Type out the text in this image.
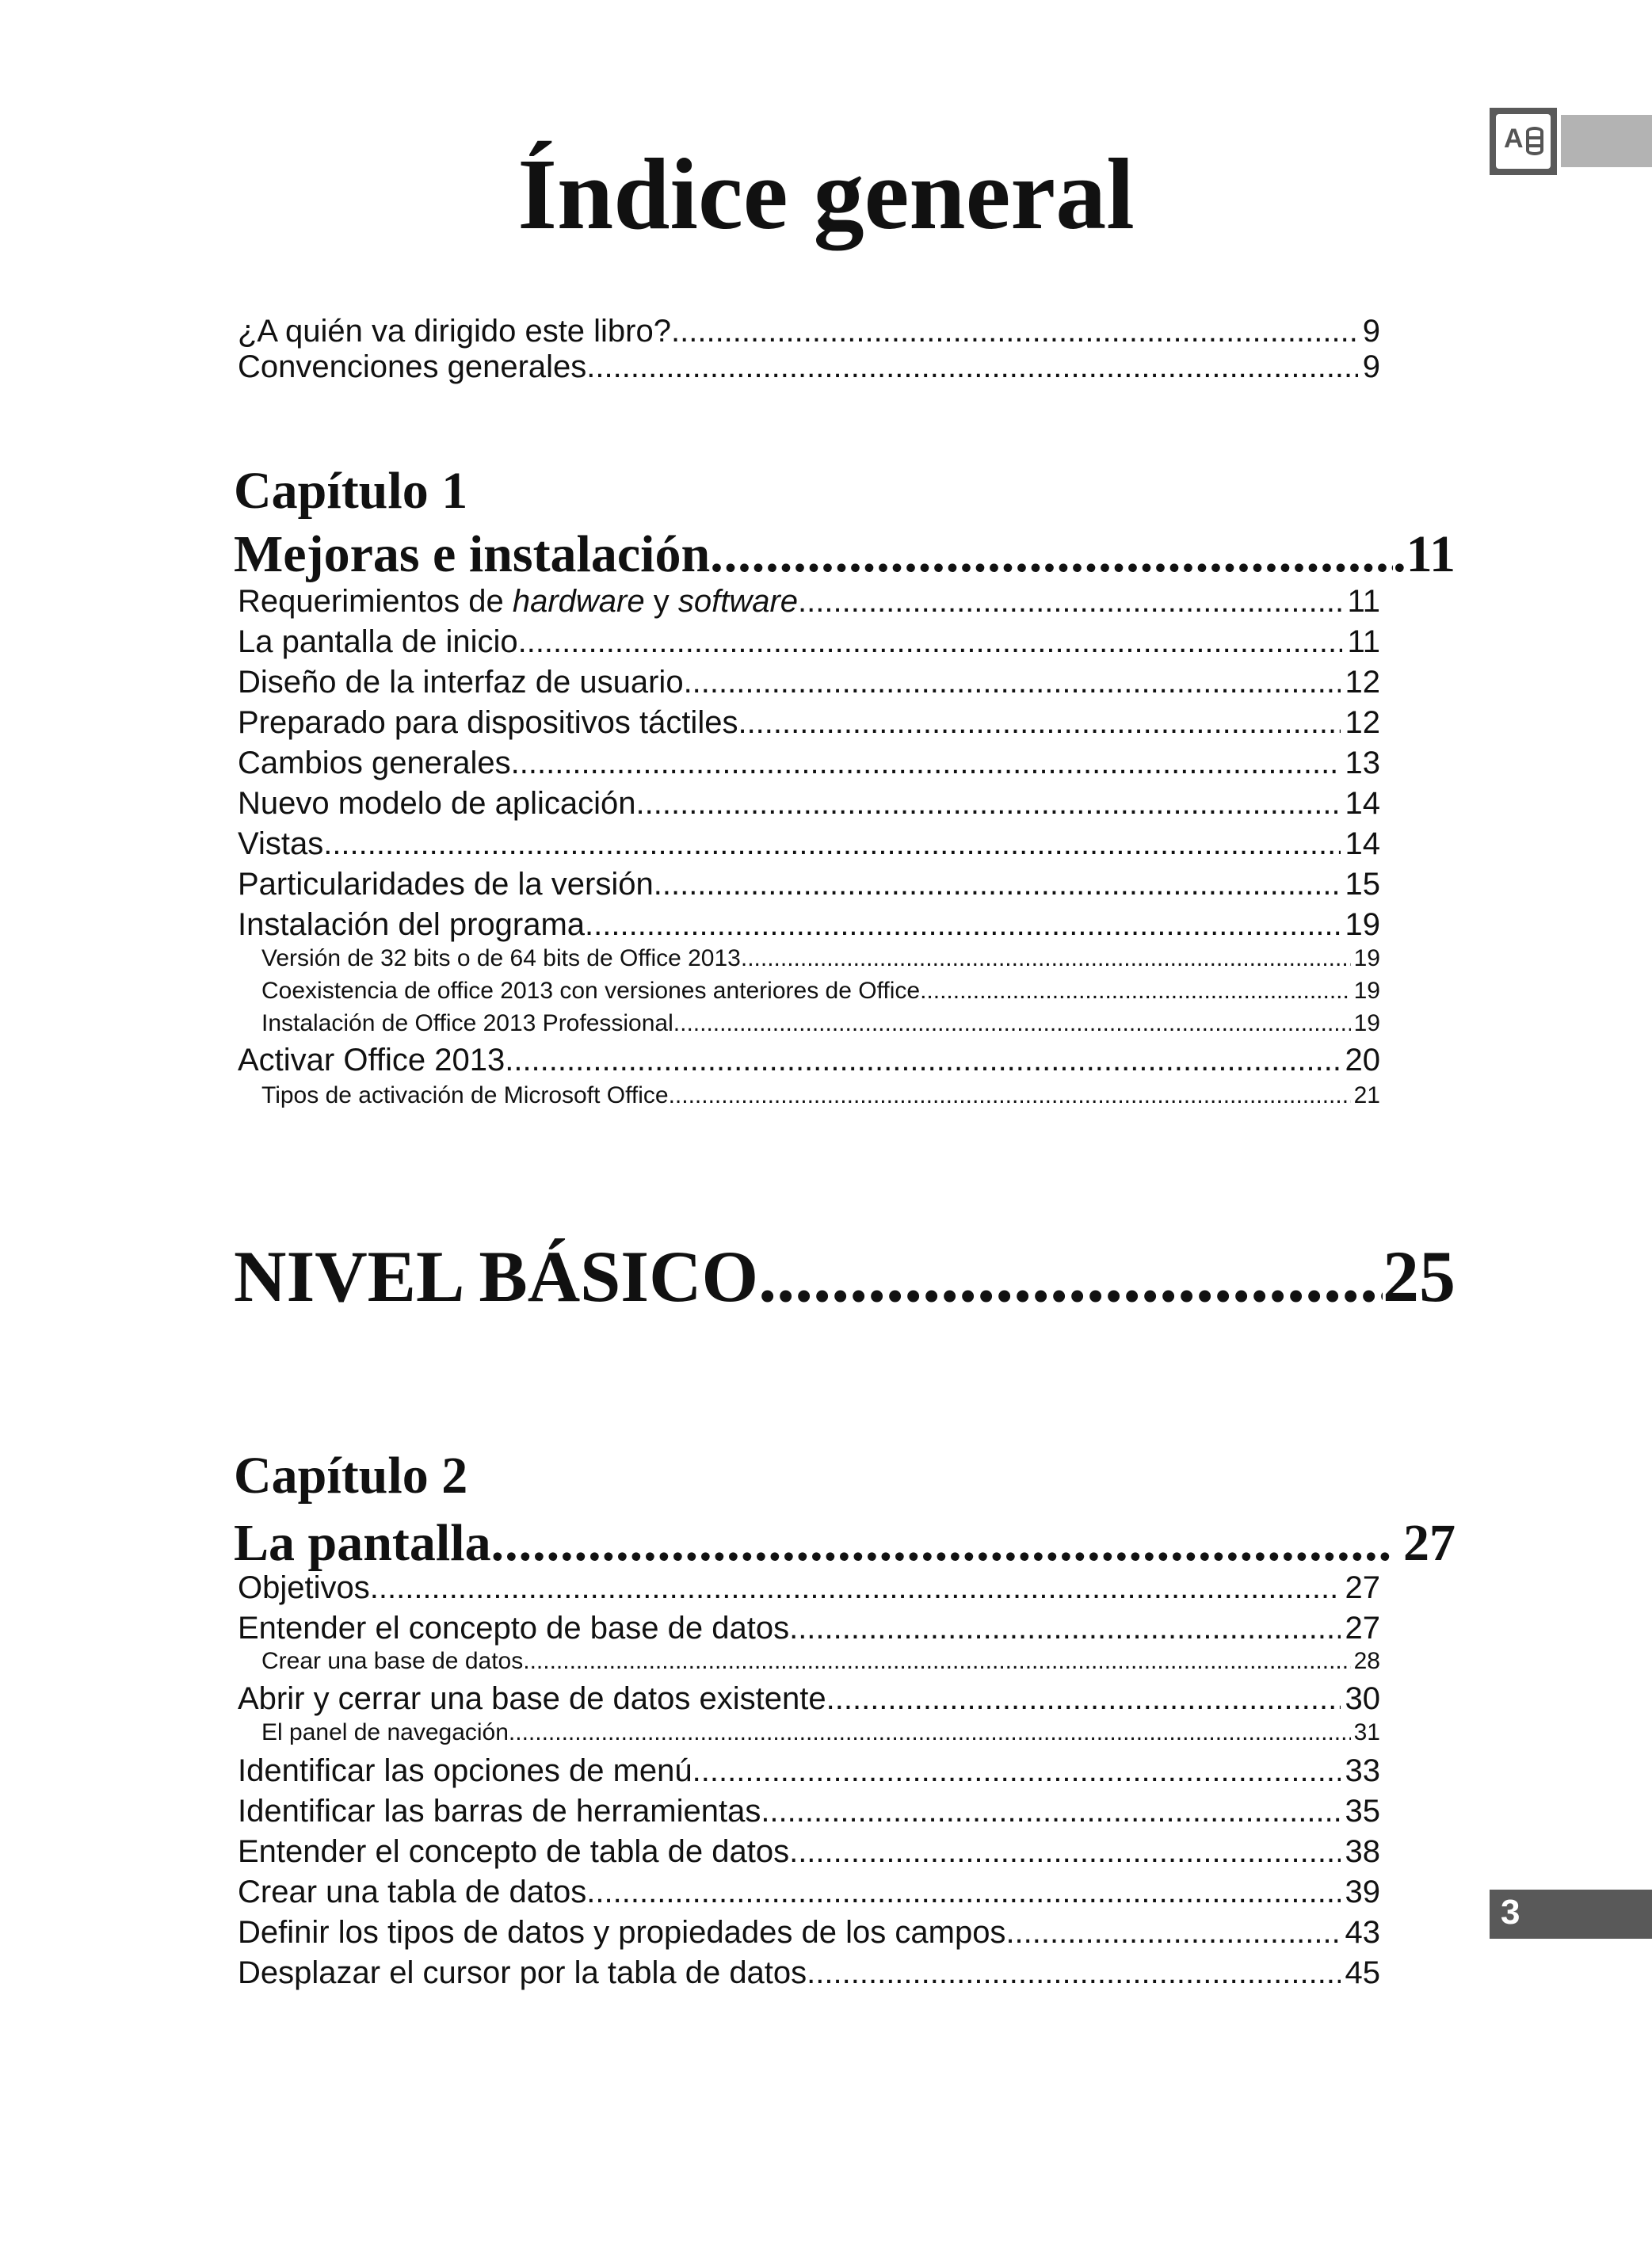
A
Índice general
¿A quién va dirigido este libro? .....	9
Convenciones generales .....	9
Capítulo 1
Mejoras e instalación .....	.11
Requerimientos de hardware y software .....	11
La pantalla de inicio .....	11
Diseño de la interfaz de usuario .....	12
Preparado para dispositivos táctiles .....	12
Cambios generales .....	13
Nuevo modelo de aplicación .....	14
Vistas .....	14
Particularidades de la versión .....	15
Instalación del programa .....	19
Versión de 32 bits o de 64 bits de Office 2013 .....	19
Coexistencia de office 2013 con versiones anteriores de Office .....	19
Instalación de Office 2013 Professional .....	19
Activar Office 2013 .....	20
Tipos de activación de Microsoft Office .....	21
NIVEL BÁSICO .....	25
Capítulo 2
La pantalla .....	27
Objetivos .....	27
Entender el concepto de base de datos .....	27
Crear una base de datos .....	28
Abrir y cerrar una base de datos existente .....	30
El panel de navegación .....	31
Identificar las opciones de menú .....	33
Identificar las barras de herramientas .....	35
Entender el concepto de tabla de datos .....	38
Crear una tabla de datos .....	39
Definir los tipos de datos y propiedades de los campos .....	43
Desplazar el cursor por la tabla de datos .....	45
3
